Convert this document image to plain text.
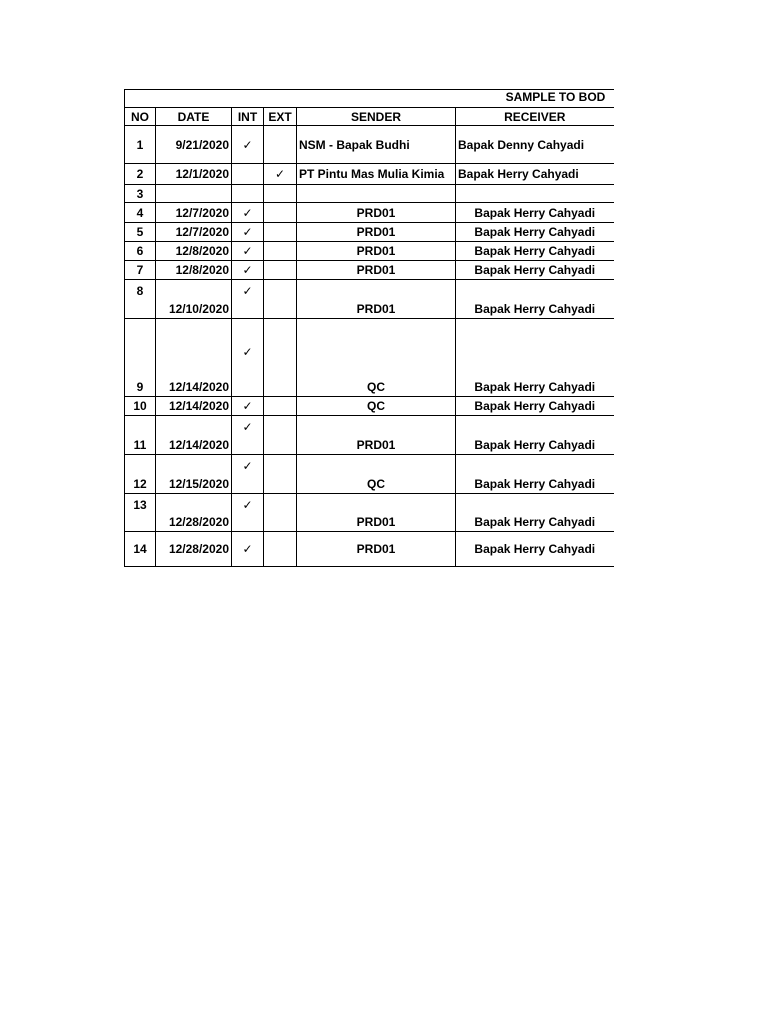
SAMPLE TO BOD					
NO	DATE	INT	EXT	SENDER	RECEIVER
1	9/21/2020	✓		NSM - Bapak Budhi	Bapak Denny Cahyadi
2	12/1/2020		✓	PT Pintu Mas Mulia Kimia	Bapak Herry Cahyadi
3					
4	12/7/2020	✓		PRD01	Bapak Herry Cahyadi
5	12/7/2020	✓		PRD01	Bapak Herry Cahyadi
6	12/8/2020	✓		PRD01	Bapak Herry Cahyadi
7	12/8/2020	✓		PRD01	Bapak Herry Cahyadi
8	12/10/2020	✓		PRD01	Bapak Herry Cahyadi
9	12/14/2020	✓		QC	Bapak Herry Cahyadi
10	12/14/2020	✓		QC	Bapak Herry Cahyadi
11	12/14/2020	✓		PRD01	Bapak Herry Cahyadi
12	12/15/2020	✓		QC	Bapak Herry Cahyadi
13	12/28/2020	✓		PRD01	Bapak Herry Cahyadi
14	12/28/2020	✓		PRD01	Bapak Herry Cahyadi
